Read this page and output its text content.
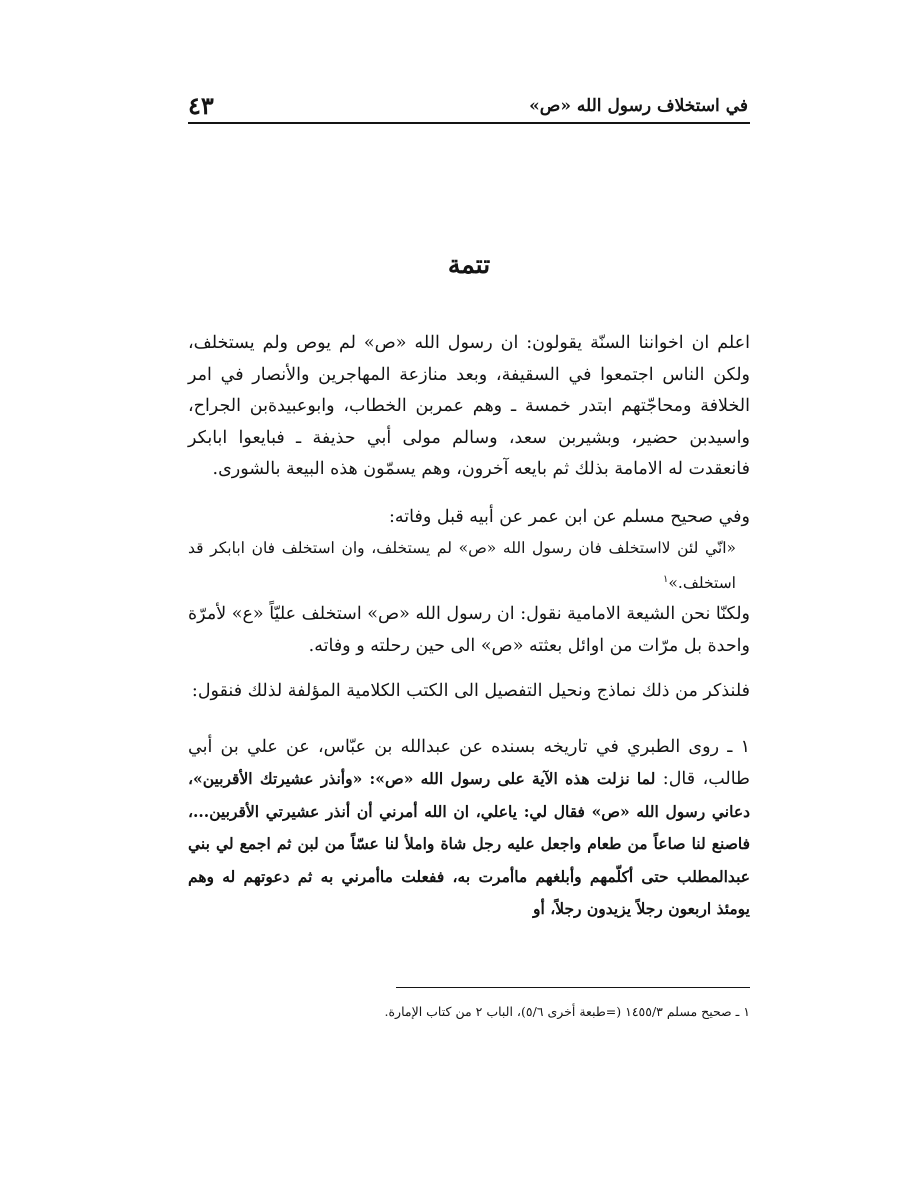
في استخلاف رسول الله «ص»
٤٣
تتمة

اعلم ان اخواننا السنّة يقولون: ان رسول الله «ص» لم يوص ولم يستخلف، ولكن الناس اجتمعوا في السقيفة، وبعد منازعة المهاجرين والأنصار في امر الخلافة ومحاجّتهم ابتدر خمسة ـ وهم عمربن الخطاب، وابوعبيدةبن الجراح، واسيدبن حضير، وبشيربن سعد، وسالم مولى أبي حذيفة ـ فبايعوا ابابكر فانعقدت له الامامة بذلك ثم بايعه آخرون، وهم يسمّون هذه البيعة بالشورى.

وفي صحيح مسلم عن ابن عمر عن أبيه قبل وفاته:

«انّي لئن لااستخلف فان رسول الله «ص» لم يستخلف، وان استخلف فان ابابكر قد استخلف.»$^١$

ولكنّا نحن الشيعة الامامية نقول: ان رسول الله «ص» استخلف عليّاً «ع» لأمرّة واحدة بل مرّات من اوائل بعثته «ص» الى حين رحلته و وفاته.

فلنذكر من ذلك نماذج ونحيل التفصيل الى الكتب الكلامية المؤلفة لذلك فنقول:

١ ـ روى الطبري في تاريخه بسنده عن عبدالله بن عبّاس، عن علي بن أبي طالب، قال: لما نزلت هذه الآية على رسول الله «ص»: «وأنذر عشيرتك الأقربين»، دعاني رسول الله «ص» فقال لي: ياعلي، ان الله أمرني أن أنذر عشيرتي الأقربين...، فاصنع لنا صاعاً من طعام واجعل عليه رجل شاة واملأ لنا عسّاً من لبن ثم اجمع لي بني عبدالمطلب حتى أكلّمهم وأبلغهم ماأمرت به، ففعلت ماأمرني به ثم دعوتهم له وهم يومئذ اربعون رجلاً يزيدون رجلاً، أو

١ ـ صحيح مسلم ١٤٥٥/٣ (=طبعة أخرى ٥/٦)، الباب ٢ من كتاب الإمارة.
